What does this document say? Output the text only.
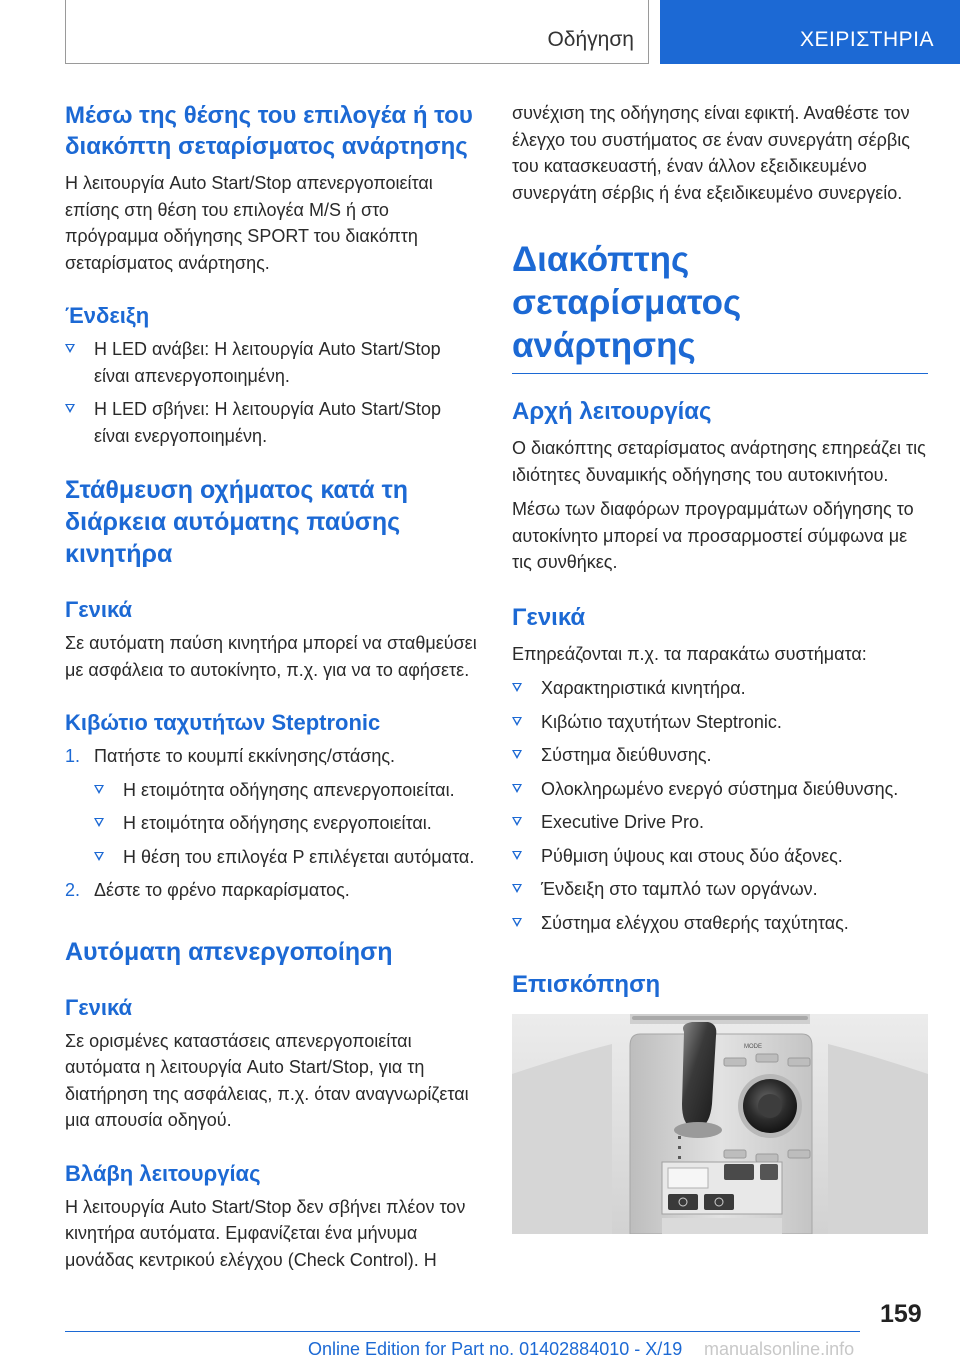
Οδήγηση	ΧΕΙΡΙΣΤΗΡΙΑ
Μέσω της θέσης του επιλογέα ή του διακόπτη σεταρίσματος ανάρτησης

Η λειτουργία Auto Start/Stop απενεργοποιείται επίσης στη θέση του επιλογέα M/S ή στο πρόγραμμα οδήγησης SPORT του διακόπτη σεταρίσματος ανάρτησης.

Ένδειξη
Η LED ανάβει: Η λειτουργία Auto Start/Stop είναι απενεργοποιημένη.
Η LED σβήνει: Η λειτουργία Auto Start/Stop είναι ενεργοποιημένη.
Στάθμευση οχήματος κατά τη διάρκεια αυτόματης παύσης κινητήρα
Γενικά

Σε αυτόματη παύση κινητήρα μπορεί να σταθμεύσει με ασφάλεια το αυτοκίνητο, π.χ. για να το αφήσετε.

Κιβώτιο ταχυτήτων Steptronic
1. Πατήστε το κουμπί εκκίνησης/στάσης.
Η ετοιμότητα οδήγησης απενεργοποιείται.
Η ετοιμότητα οδήγησης ενεργοποιείται.
Η θέση του επιλογέα P επιλέγεται αυτόματα.
2. Δέστε το φρένο παρκαρίσματος.
Αυτόματη απενεργοποίηση
Γενικά

Σε ορισμένες καταστάσεις απενεργοποιείται αυτόματα η λειτουργία Auto Start/Stop, για τη διατήρηση της ασφάλειας, π.χ. όταν αναγνωρίζεται μια απουσία οδηγού.

Βλάβη λειτουργίας

Η λειτουργία Auto Start/Stop δεν σβήνει πλέον τον κινητήρα αυτόματα. Εμφανίζεται ένα μήνυμα μονάδας κεντρικού ελέγχου (Check Control). Η

συνέχιση της οδήγησης είναι εφικτή. Αναθέστε τον έλεγχο του συστήματος σε έναν συνεργάτη σέρβις του κατασκευαστή, έναν άλλον εξειδικευμένο συνεργάτη σέρβις ή ένα εξειδικευμένο συνεργείο.

Διακόπτης σεταρίσματος ανάρτησης
Αρχή λειτουργίας

Ο διακόπτης σεταρίσματος ανάρτησης επηρεάζει τις ιδιότητες δυναμικής οδήγησης του αυτοκινήτου.

Μέσω των διαφόρων προγραμμάτων οδήγησης το αυτοκίνητο μπορεί να προσαρμοστεί σύμφωνα με τις συνθήκες.

Γενικά

Επηρεάζονται π.χ. τα παρακάτω συστήματα:

Χαρακτηριστικά κινητήρα.
Κιβώτιο ταχυτήτων Steptronic.
Σύστημα διεύθυνσης.
Ολοκληρωμένο ενεργό σύστημα διεύθυνσης.
Executive Drive Pro.
Ρύθμιση ύψους και στους δύο άξονες.
Ένδειξη στο ταμπλό των οργάνων.
Σύστημα ελέγχου σταθερής ταχύτητας.
Επισκόπηση
MODE
159
Online Edition for Part no. 01402884010 - X/19 manualsonline.info
